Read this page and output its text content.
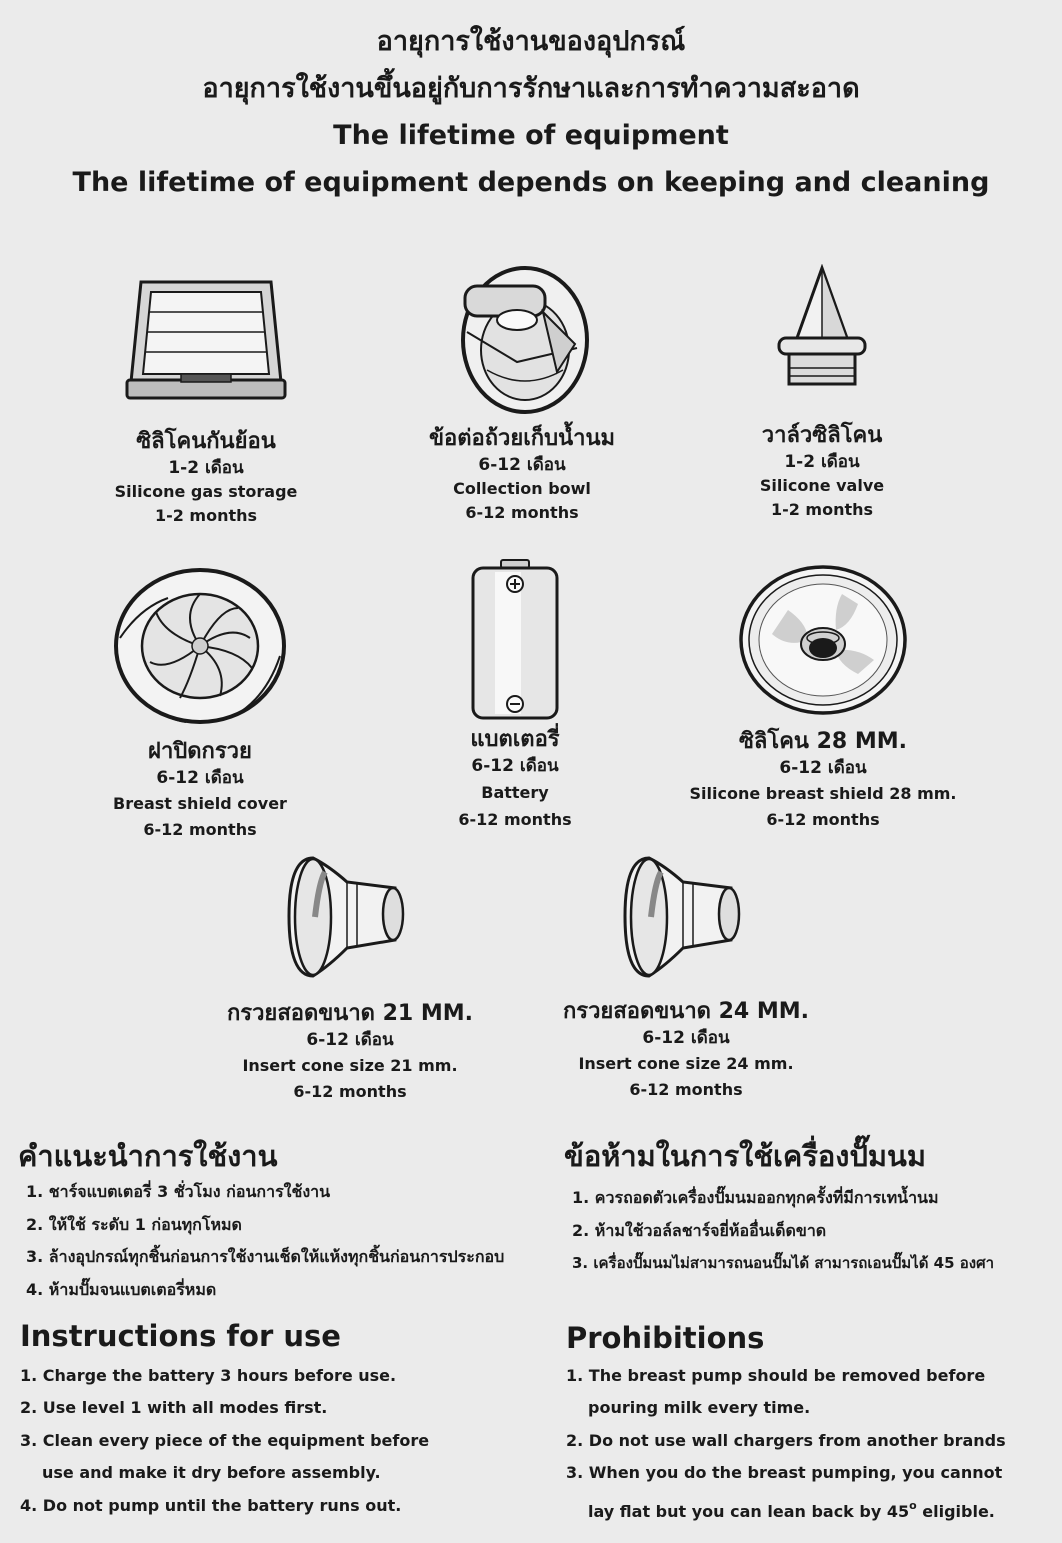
อายุการใช้งานของอุปกรณ์
อายุการใช้งานขึ้นอยู่กับการรักษาและการทำความสะอาด
The lifetime of equipment
The lifetime of equipment depends on keeping and cleaning
ซิลิโคนกันย้อน
1-2 เดือน
Silicone gas storage
1-2 months
ข้อต่อถ้วยเก็บน้ำนม
6-12 เดือน
Collection bowl
6-12 months
วาล์วซิลิโคน
1-2 เดือน
Silicone valve
1-2 months
ฝาปิดกรวย
6-12 เดือน
Breast shield cover
6-12 months
แบตเตอรี่
6-12 เดือน
Battery
6-12 months
ซิลิโคน 28 MM.
6-12 เดือน
Silicone breast shield 28 mm.
6-12 months
กรวยสอดขนาด 21 MM.
6-12 เดือน
Insert cone size 21 mm.
6-12 months
กรวยสอดขนาด 24 MM.
6-12 เดือน
Insert cone size 24 mm.
6-12 months
คำแนะนำการใช้งาน
1. ชาร์จแบตเตอรี่ 3 ชั่วโมง ก่อนการใช้งาน
2. ให้ใช้ ระดับ 1 ก่อนทุกโหมด
3. ล้างอุปกรณ์ทุกชิ้นก่อนการใช้งานเช็ดให้แห้งทุกชิ้นก่อนการประกอบ
4. ห้ามปั๊มจนแบตเตอรี่หมด
ข้อห้ามในการใช้เครื่องปั๊มนม
1. ควรถอดตัวเครื่องปั๊มนมออกทุกครั้งที่มีการเทน้ำนม
2. ห้ามใช้วอล์ลชาร์จยี่ห้ออื่นเด็ดขาด
3. เครื่องปั๊มนมไม่สามารถนอนปั๊มได้ สามารถเอนปั๊มได้ 45 องศา
Instructions for use
1. Charge the battery 3 hours before use.
2. Use level 1 with all modes first.
3. Clean every piece of the equipment before
use and make it dry before assembly.
4. Do not pump until the battery runs out.
Prohibitions
1. The breast pump should be removed before
pouring milk every time.
2. Do not use wall chargers from another brands
3. When you do the breast pumping, you cannot
lay flat but you can lean back by 45$^o$ eligible.
